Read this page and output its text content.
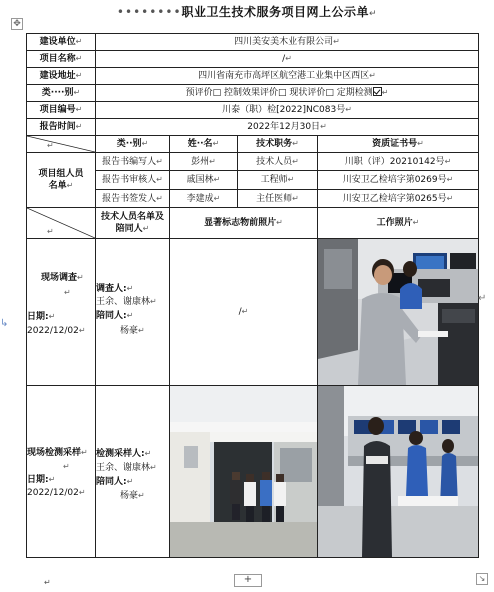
✥
••••••••职业卫生技术服务项目网上公示单↵
建设单位↵	四川美安美木业有限公司↵			
项目名称↵	/↵			
建设地址↵	四川省南充市高坪区航空港工业集中区西区↵			
类····别↵	预评价□ 控制效果评价□ 现状评价□ 定期检测 ↵			
项目编号↵	川泰（职）检[2022]NC083号↵			
报告时间↵	2022年12月30日↵			

↵	类··别↵	姓··名↵	技术职务↵	资质证书号↵
项目组人员名单↵	报告书编写人↵	彭州↵	技术人员↵	川职（评）20210142号↵
	报告书审核人↵	戚国林↵	工程师↵	川安卫乙检培字第0269号↵
	报告书签发人↵	李建成↵	主任医师↵	川安卫乙检培字第0265号↵

↵	技术人员名单及陪同人↵	显著标志物前照片↵		工作照片↵

现场调查↵
↵
日期:↵
2022/12/02↵	调查人:↵
王余、谢康林↵
陪同人:↵
杨豪↵	/↵	

现场检测采样↵
↵
日期:↵
2022/12/02↵	检测采样人:↵
王余、谢康林↵
陪同人:↵
杨豪↵

↵
↳
↵	+	↘
